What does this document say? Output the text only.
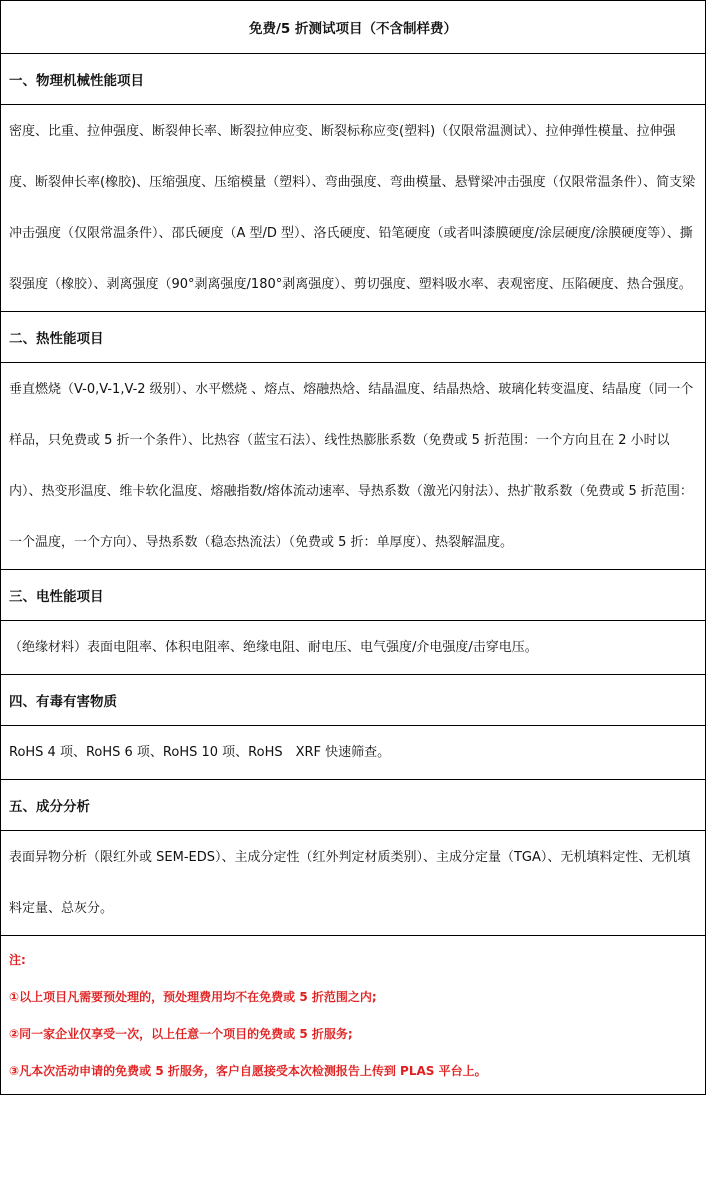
免费/5 折测试项目（不含制样费）
一、物理机械性能项目
密度、比重、拉伸强度、断裂伸长率、断裂拉伸应变、断裂标称应变(塑料)（仅限常温测试）、拉伸弹性模量、拉伸强度、断裂伸长率(橡胶)、压缩强度、压缩模量（塑料）、弯曲强度、弯曲模量、悬臂梁冲击强度（仅限常温条件）、简支梁冲击强度（仅限常温条件）、邵氏硬度（A 型/D 型）、洛氏硬度、铅笔硬度（或者叫漆膜硬度/涂层硬度/涂膜硬度等）、撕裂强度（橡胶）、剥离强度（90°剥离强度/180°剥离强度）、剪切强度、塑料吸水率、表观密度、压陷硬度、热合强度。
二、热性能项目
垂直燃烧（V-0,V-1,V-2 级别）、水平燃烧 、熔点、熔融热焓、结晶温度、结晶热焓、玻璃化转变温度、结晶度（同一个样品，只免费或 5 折一个条件）、比热容（蓝宝石法）、线性热膨胀系数（免费或 5 折范围：一个方向且在 2 小时以内）、热变形温度、维卡软化温度、熔融指数/熔体流动速率、导热系数（激光闪射法）、热扩散系数（免费或 5 折范围：一个温度，一个方向）、导热系数（稳态热流法）（免费或 5 折：单厚度）、热裂解温度。
三、电性能项目
（绝缘材料）表面电阻率、体积电阻率、绝缘电阻、耐电压、电气强度/介电强度/击穿电压。
四、有毒有害物质
RoHS 4 项、RoHS 6 项、RoHS 10 项、RoHS　XRF 快速筛查。
五、成分分析
表面异物分析（限红外或 SEM-EDS）、主成分定性（红外判定材质类别）、主成分定量（TGA）、无机填料定性、无机填料定量、总灰分。

注:

①以上项目凡需要预处理的，预处理费用均不在免费或 5 折范围之内;

②同一家企业仅享受一次，以上任意一个项目的免费或 5 折服务;

③凡本次活动申请的免费或 5 折服务，客户自愿接受本次检测报告上传到 PLAS 平台上。
